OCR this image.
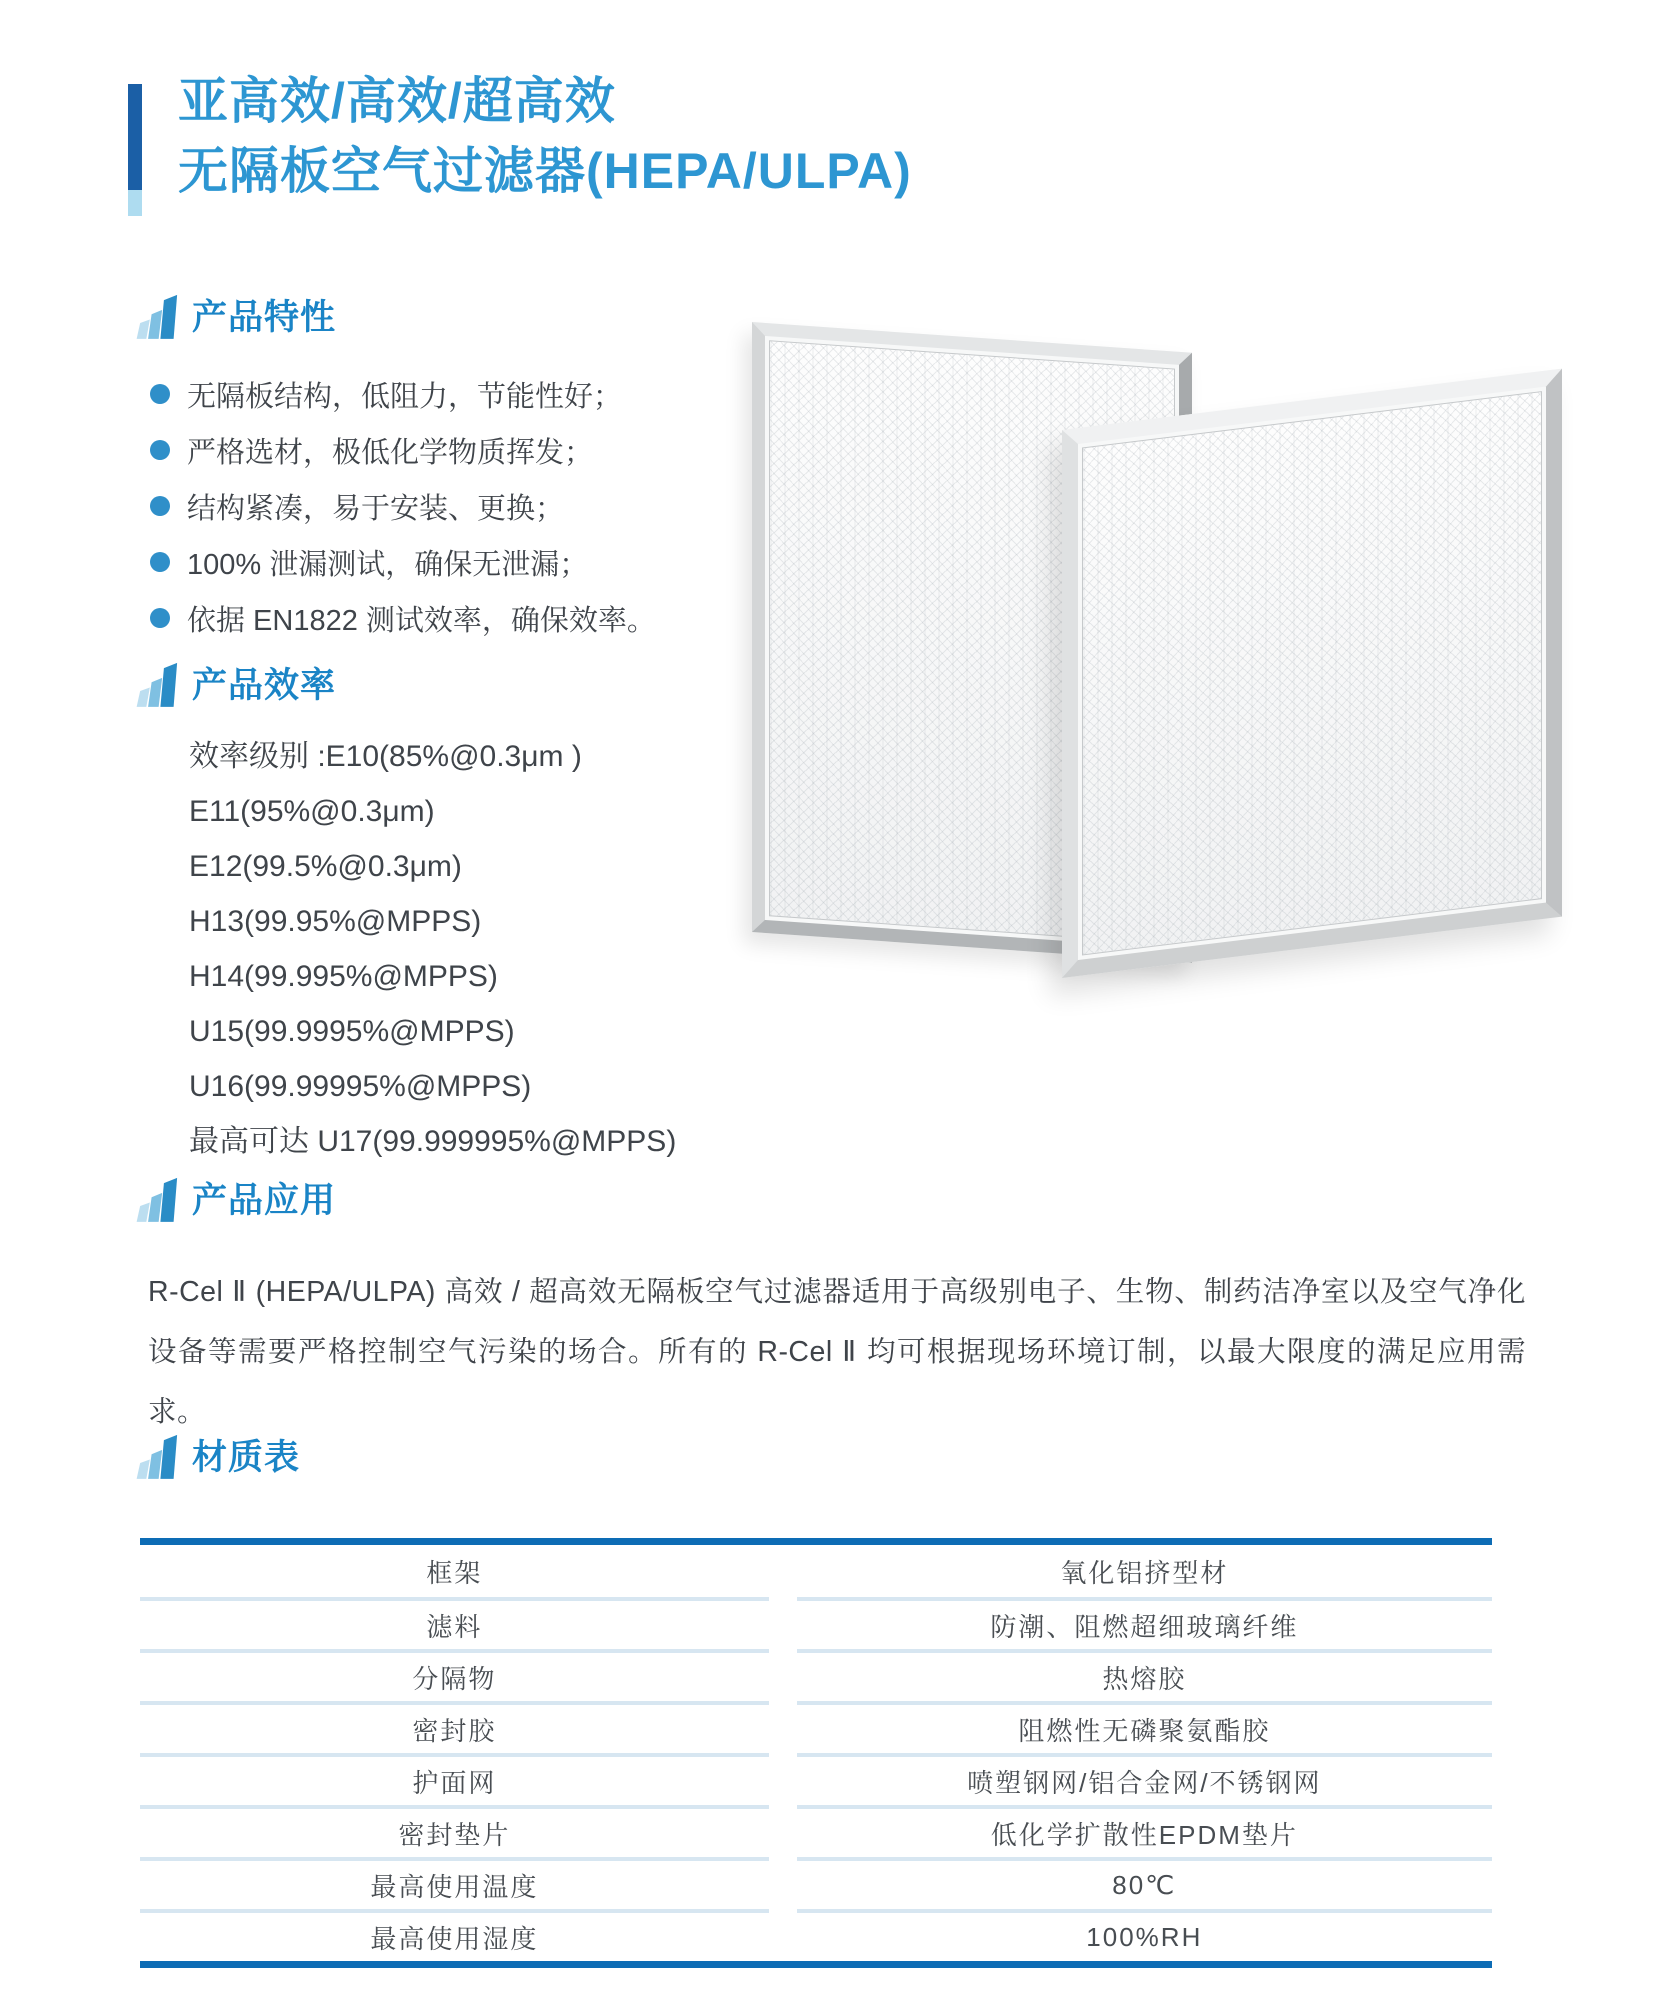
亚高效/高效/超高效
无隔板空气过滤器(HEPA/ULPA)
产品特性
无隔板结构，低阻力，节能性好；
严格选材，极低化学物质挥发；
结构紧凑，易于安装、更换；
100% 泄漏测试，确保无泄漏；
依据 EN1822 测试效率，确保效率。
产品效率
效率级别 :E10(85%@0.3μm )
E11(95%@0.3μm)
E12(99.5%@0.3μm)
H13(99.95%@MPPS)
H14(99.995%@MPPS)
U15(99.9995%@MPPS)
U16(99.99995%@MPPS)
最高可达 U17(99.999995%@MPPS)
产品应用
R-Cel Ⅱ (HEPA/ULPA) 高效 / 超高效无隔板空气过滤器适用于高级别电子、生物、制药洁净室以及空气净化设备等需要严格控制空气污染的场合。所有的 R-Cel Ⅱ 均可根据现场环境订制，以最大限度的满足应用需求。
材质表
框架	氧化铝挤型材
滤料	防潮、阻燃超细玻璃纤维
分隔物	热熔胶
密封胶	阻燃性无磷聚氨酯胶
护面网	喷塑钢网/铝合金网/不锈钢网
密封垫片	低化学扩散性EPDM垫片
最高使用温度	80℃
最高使用湿度	100%RH
